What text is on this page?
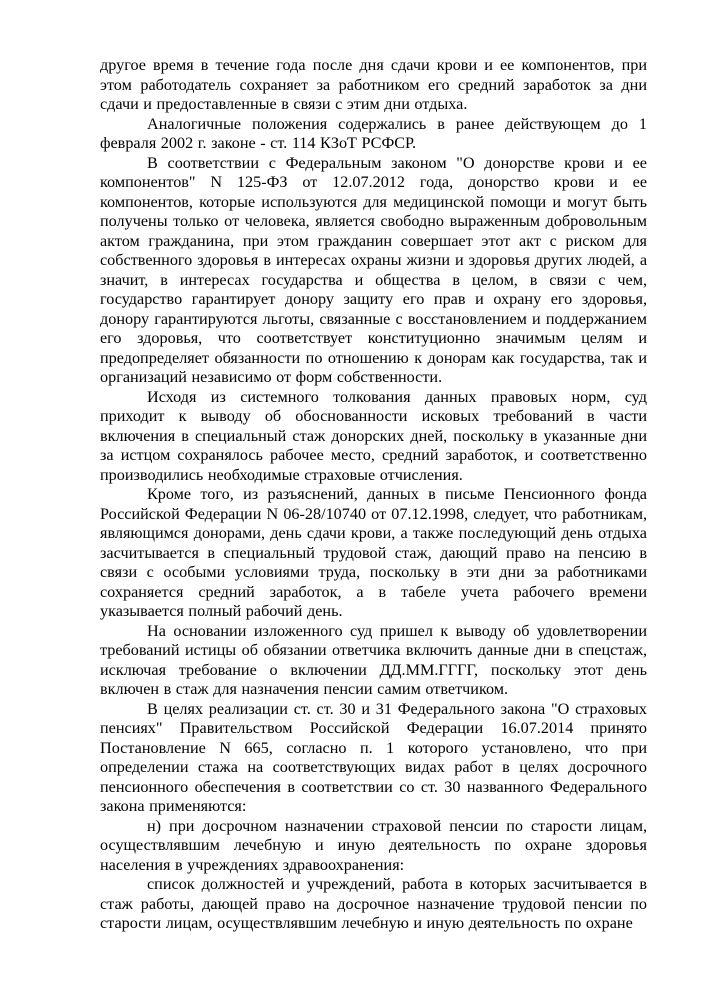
другое время в течение года после дня сдачи крови и ее компонентов, при этом работодатель сохраняет за работником его средний заработок за дни сдачи и предоставленные в связи с этим дни отдыха.

Аналогичные положения содержались в ранее действующем до 1 февраля 2002 г. законе - ст. 114 КЗоТ РСФСР.

В соответствии с Федеральным законом "О донорстве крови и ее компонентов" N 125-ФЗ от 12.07.2012 года, донорство крови и ее компонентов, которые используются для медицинской помощи и могут быть получены только от человека, является свободно выраженным добровольным актом гражданина, при этом гражданин совершает этот акт с риском для собственного здоровья в интересах охраны жизни и здоровья других людей, а значит, в интересах государства и общества в целом, в связи с чем, государство гарантирует донору защиту его прав и охрану его здоровья, донору гарантируются льготы, связанные с восстановлением и поддержанием его здоровья, что соответствует конституционно значимым целям и предопределяет обязанности по отношению к донорам как государства, так и организаций независимо от форм собственности.

Исходя из системного толкования данных правовых норм, суд приходит к выводу об обоснованности исковых требований в части включения в специальный стаж донорских дней, поскольку в указанные дни за истцом сохранялось рабочее место, средний заработок, и соответственно производились необходимые страховые отчисления.

Кроме того, из разъяснений, данных в письме Пенсионного фонда Российской Федерации N 06-28/10740 от 07.12.1998, следует, что работникам, являющимся донорами, день сдачи крови, а также последующий день отдыха засчитывается в специальный трудовой стаж, дающий право на пенсию в связи с особыми условиями труда, поскольку в эти дни за работниками сохраняется средний заработок, а в табеле учета рабочего времени указывается полный рабочий день.

На основании изложенного суд пришел к выводу об удовлетворении требований истицы об обязании ответчика включить данные дни в спецстаж, исключая требование о включении ДД.ММ.ГГГГ, поскольку этот день включен в стаж для назначения пенсии самим ответчиком.

В целях реализации ст. ст. 30 и 31 Федерального закона "О страховых пенсиях" Правительством Российской Федерации 16.07.2014 принято Постановление N 665, согласно п. 1 которого установлено, что при определении стажа на соответствующих видах работ в целях досрочного пенсионного обеспечения в соответствии со ст. 30 названного Федерального закона применяются:

н) при досрочном назначении страховой пенсии по старости лицам, осуществлявшим лечебную и иную деятельность по охране здоровья населения в учреждениях здравоохранения:

список должностей и учреждений, работа в которых засчитывается в стаж работы, дающей право на досрочное назначение трудовой пенсии по старости лицам, осуществлявшим лечебную и иную деятельность по охране
